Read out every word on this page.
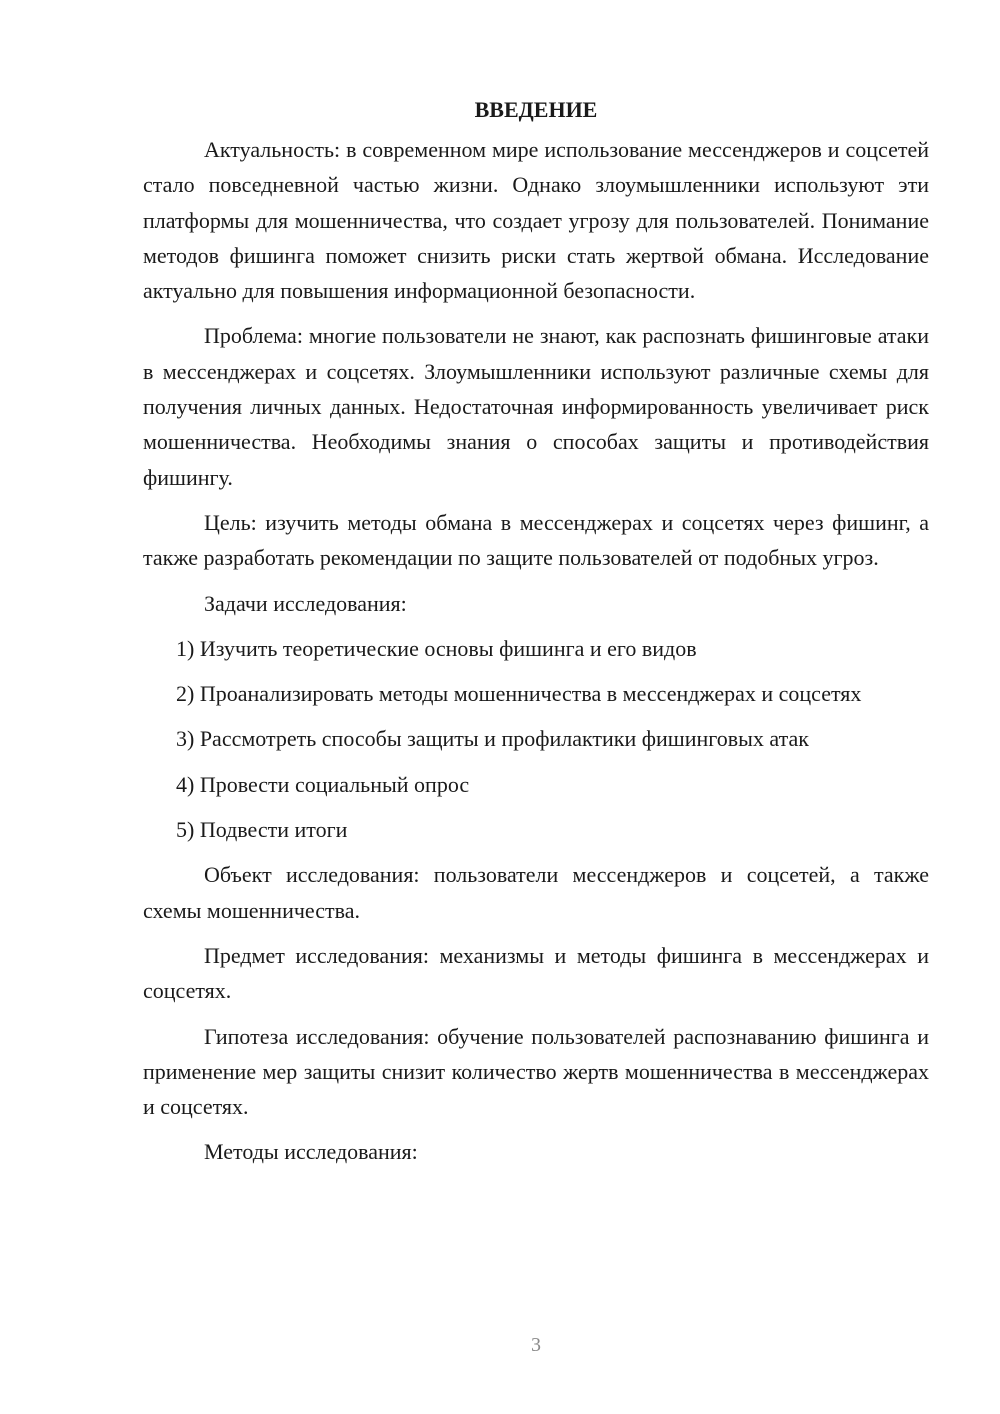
ВВЕДЕНИЕ

Актуальность: в современном мире использование мессенджеров и соцсетей стало повседневной частью жизни. Однако злоумышленники используют эти платформы для мошенничества, что создает угрозу для пользователей. Понимание методов фишинга поможет снизить риски стать жертвой обмана. Исследование актуально для повышения информационной безопасности.

Проблема: многие пользователи не знают, как распознать фишинговые атаки в мессенджерах и соцсетях. Злоумышленники используют различные схемы для получения личных данных. Недостаточная информированность увеличивает риск мошенничества. Необходимы знания о способах защиты и противодействия фишингу.

Цель: изучить методы обмана в мессенджерах и соцсетях через фишинг, а также разработать рекомендации по защите пользователей от подобных угроз.

Задачи исследования:

1) Изучить теоретические основы фишинга и его видов

2) Проанализировать методы мошенничества в мессенджерах и соцсетях

3) Рассмотреть способы защиты и профилактики фишинговых атак

4) Провести социальный опрос

5) Подвести итоги

Объект исследования: пользователи мессенджеров и соцсетей, а также схемы мошенничества.

Предмет исследования: механизмы и методы фишинга в мессенджерах и соцсетях.

Гипотеза исследования: обучение пользователей распознаванию фишинга и применение мер защиты снизит количество жертв мошенничества в мессенджерах и соцсетях.

Методы исследования:

3
